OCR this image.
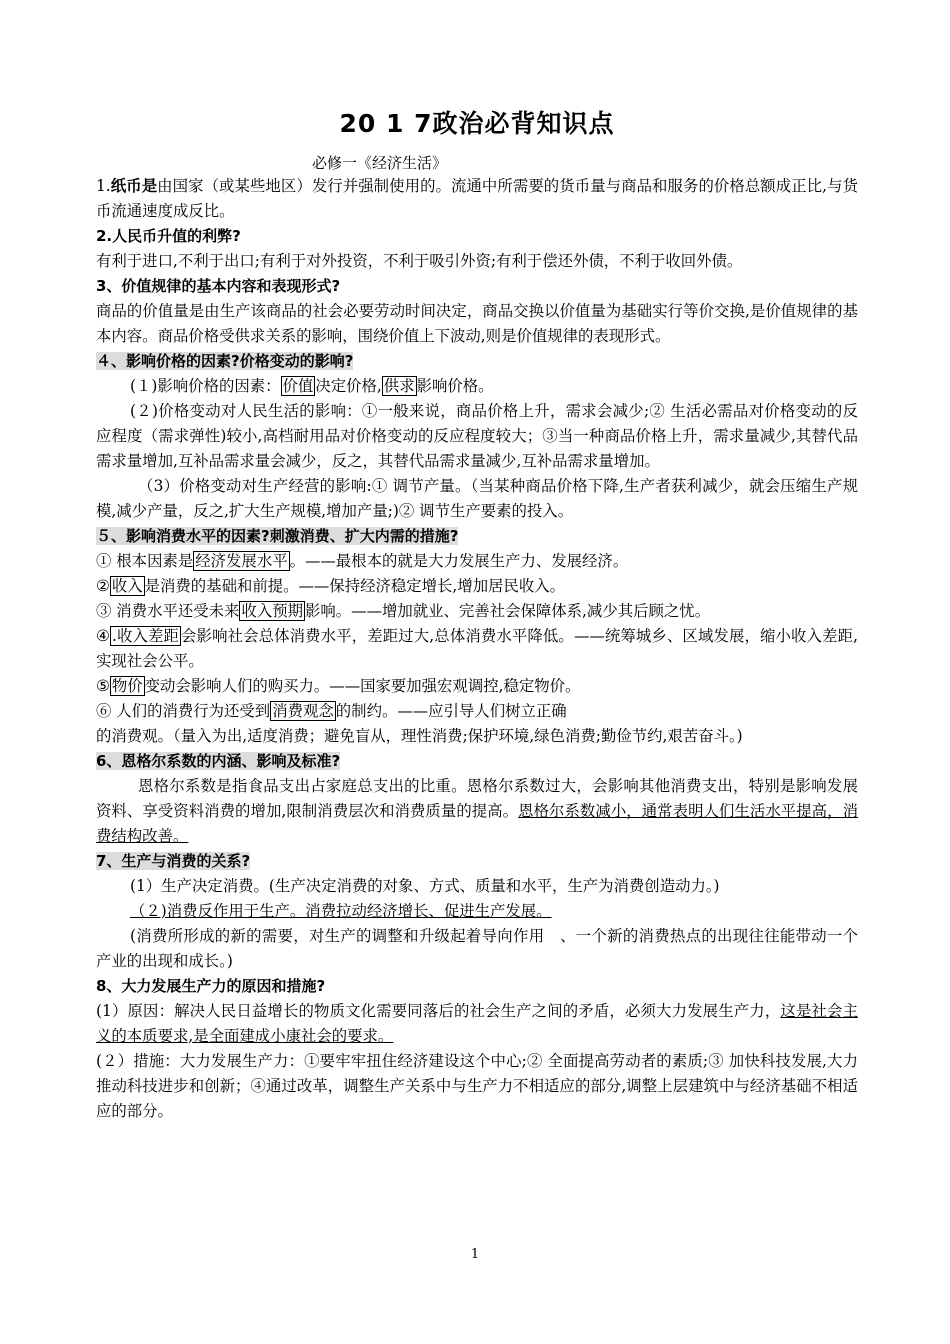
20 1 7政治必背知识点
必修一《经济生活》

1.纸币是由国家（或某些地区）发行并强制使用的。流通中所需要的货币量与商品和服务的价格总额成正比,与货币流通速度成反比。

2.人民币升值的利弊?

有利于进口,不利于出口;有利于对外投资，不利于吸引外资;有利于偿还外债，不利于收回外债。

3、价值规律的基本内容和表现形式?

商品的价值量是由生产该商品的社会必要劳动时间决定，商品交换以价值量为基础实行等价交换,是价值规律的基本内容。商品价格受供求关系的影响，围绕价值上下波动,则是价值规律的表现形式。

４、影响价格的因素?价格变动的影响?

(１)影响价格的因素： 价值 决定价格, 供求 影响价格。

(２)价格变动对人民生活的影响：①一般来说，商品价格上升，需求会减少;② 生活必需品对价格变动的反应程度（需求弹性)较小,高档耐用品对价格变动的反应程度较大；③当一种商品价格上升，需求量减少,其替代品需求量增加,互补品需求量会减少，反之，其替代品需求量减少,互补品需求量增加。

（3）价格变动对生产经营的影响:① 调节产量。（当某种商品价格下降,生产者获利减少，就会压缩生产规模,减少产量，反之,扩大生产规模,增加产量;)② 调节生产要素的投入。

５、影响消费水平的因素?刺激消费、扩大内需的措施?

① 根本因素是 经济发展水平 。——最根本的就是大力发展生产力、发展经济。

② 收入 是消费的基础和前提。——保持经济稳定增长,增加居民收入。

③ 消费水平还受未来 收入预期 影响。——增加就业、完善社会保障体系,减少其后顾之忧。

④ .收入差距 会影响社会总体消费水平，差距过大,总体消费水平降低。——统筹城乡、区域发展，缩小收入差距,实现社会公平。

⑤ 物价 变动会影响人们的购买力。——国家要加强宏观调控,稳定物价。

⑥ 人们的消费行为还受到 消费观念 的制约。——应引导人们树立正确

的消费观。（量入为出,适度消费；避免盲从，理性消费;保护环境,绿色消费;勤俭节约,艰苦奋斗。)

6、恩格尔系数的内涵、影响及标准?

恩格尔系数是指食品支出占家庭总支出的比重。恩格尔系数过大，会影响其他消费支出，特别是影响发展资料、享受资料消费的增加,限制消费层次和消费质量的提高。恩格尔系数减小，通常表明人们生活水平提高，消费结构改善。

7、生产与消费的关系?

(1）生产决定消费。(生产决定消费的对象、方式、质量和水平，生产为消费创造动力。)

（２)消费反作用于生产。消费拉动经济增长、促进生产发展。

(消费所形成的新的需要，对生产的调整和升级起着导向作用　、一个新的消费热点的出现往往能带动一个产业的出现和成长。)

8、大力发展生产力的原因和措施?

(1）原因：解决人民日益增长的物质文化需要同落后的社会生产之间的矛盾，必须大力发展生产力，这是社会主义的本质要求,是全面建成小康社会的要求。

(２）措施：大力发展生产力：①要牢牢扭住经济建设这个中心;② 全面提高劳动者的素质;③ 加快科技发展,大力推动科技进步和创新；④通过改革，调整生产关系中与生产力不相适应的部分,调整上层建筑中与经济基础不相适应的部分。

1
